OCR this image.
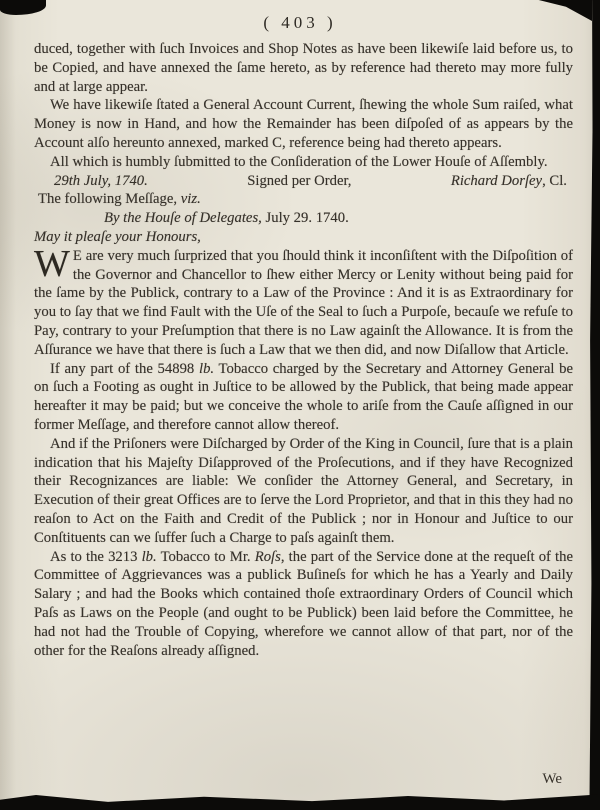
( 403 )

duced, together with ſuch Invoices and Shop Notes as have been likewiſe laid before us, to be Copied, and have annexed the ſame hereto, as by reference had thereto may more fully and at large appear.

We have likewiſe ſtated a General Account Current, ſhewing the whole Sum raiſed, what Money is now in Hand, and how the Remainder has been diſpoſed of as appears by the Account alſo hereunto annexed, marked C, reference being had thereto appears.

All which is humbly ſubmitted to the Conſideration of the Lower Houſe of Aſſembly.

29th July, 1740.	Signed per Order,	Richard Dorſey, Cl.

The following Meſſage, viz.

By the Houſe of Delegates, July 29. 1740.

May it pleaſe your Honours,

W E are very much ſurprized that you ſhould think it inconſiſtent with the Diſpoſition of the Governor and Chancellor to ſhew either Mercy or Lenity without being paid for the ſame by the Publick, contrary to a Law of the Province : And it is as Extraordinary for you to ſay that we find Fault with the Uſe of the Seal to ſuch a Purpoſe, becauſe we refuſe to Pay, contrary to your Preſumption that there is no Law againſt the Allowance. It is from the Aſſurance we have that there is ſuch a Law that we then did, and now Diſallow that Article.

If any part of the 54898 lb. Tobacco charged by the Secretary and Attorney General be on ſuch a Footing as ought in Juſtice to be allowed by the Publick, that being made appear hereafter it may be paid; but we conceive the whole to ariſe from the Cauſe aſſigned in our former Meſſage, and therefore cannot allow thereof.

And if the Priſoners were Diſcharged by Order of the King in Council, ſure that is a plain indication that his Majeſty Diſapproved of the Proſecutions, and if they have Recognized their Recognizances are liable: We conſider the Attorney General, and Secretary, in Execution of their great Offices are to ſerve the Lord Proprietor, and that in this they had no reaſon to Act on the Faith and Credit of the Publick ; nor in Honour and Juſtice to our Conſtituents can we ſuffer ſuch a Charge to paſs againſt them.

As to the 3213 lb. Tobacco to Mr. Roſs, the part of the Service done at the requeſt of the Committee of Aggrievances was a publick Buſineſs for which he has a Yearly and Daily Salary ; and had the Books which contained thoſe extraordinary Orders of Council which Paſs as Laws on the People (and ought to be Publick) been laid before the Committee, he had not had the Trouble of Copying, wherefore we cannot allow of that part, nor of the other for the Reaſons already aſſigned.

We
